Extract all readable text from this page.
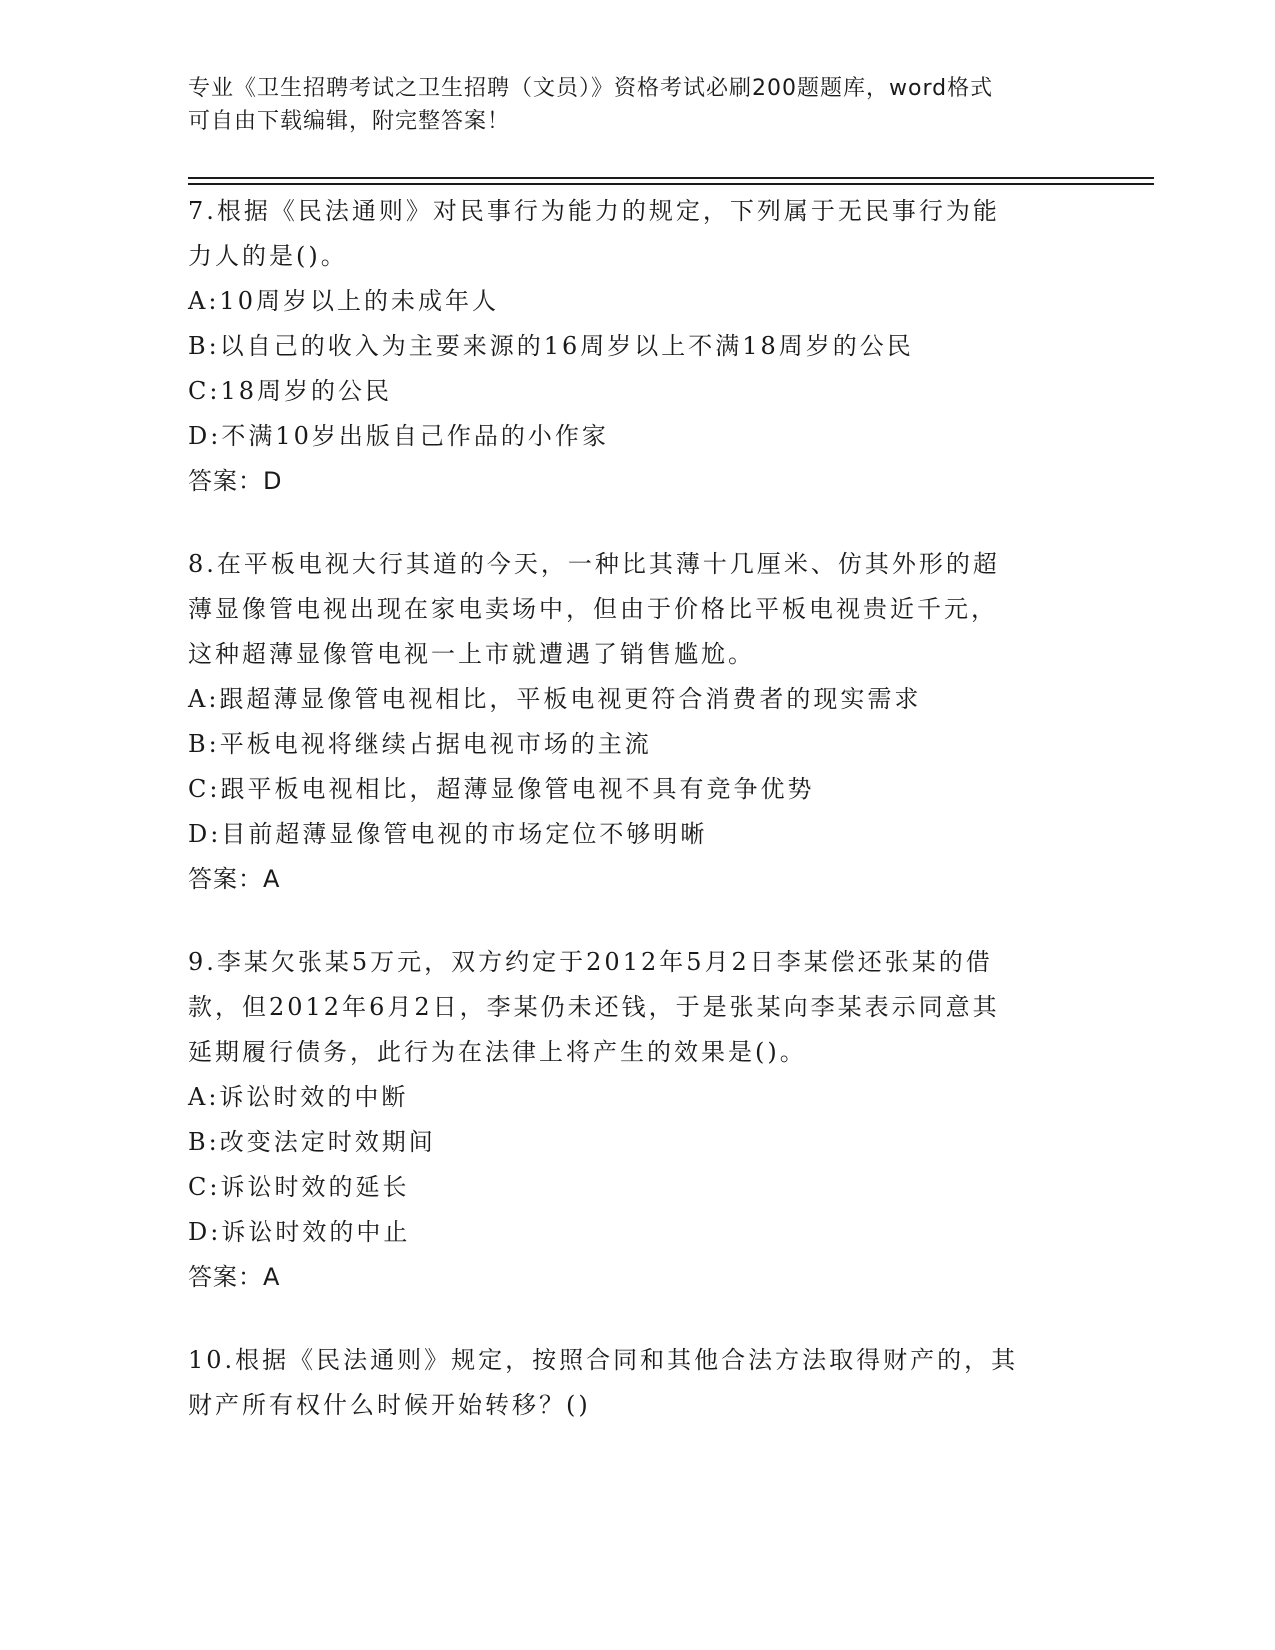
专业《卫生招聘考试之卫生招聘（文员）》资格考试必刷200题题库，word格式
可自由下载编辑，附完整答案！

7.根据《民法通则》对民事行为能力的规定，下列属于无民事行为能

力人的是()。

A:10周岁以上的未成年人

B:以自己的收入为主要来源的16周岁以上不满18周岁的公民

C:18周岁的公民

D:不满10岁出版自己作品的小作家

答案：D

8.在平板电视大行其道的今天，一种比其薄十几厘米、仿其外形的超

薄显像管电视出现在家电卖场中，但由于价格比平板电视贵近千元，

这种超薄显像管电视一上市就遭遇了销售尴尬。

A:跟超薄显像管电视相比，平板电视更符合消费者的现实需求

B:平板电视将继续占据电视市场的主流

C:跟平板电视相比，超薄显像管电视不具有竞争优势

D:目前超薄显像管电视的市场定位不够明晰

答案：A

9.李某欠张某5万元，双方约定于2012年5月2日李某偿还张某的借

款，但2012年6月2日，李某仍未还钱，于是张某向李某表示同意其

延期履行债务，此行为在法律上将产生的效果是()。

A:诉讼时效的中断

B:改变法定时效期间

C:诉讼时效的延长

D:诉讼时效的中止

答案：A

10.根据《民法通则》规定，按照合同和其他合法方法取得财产的，其

财产所有权什么时候开始转移？()
